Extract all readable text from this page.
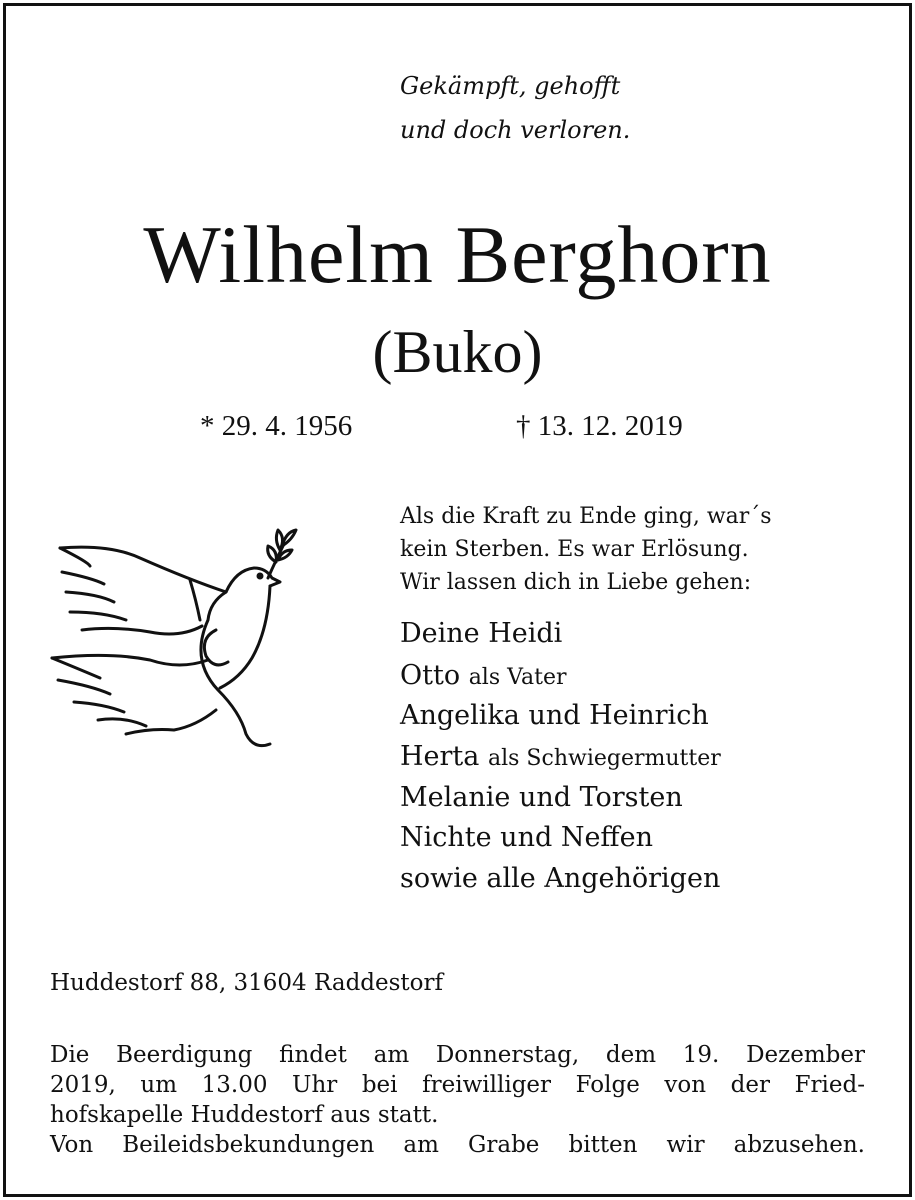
Gekämpft, gehofft
und doch verloren.
Wilhelm Berghorn
(Buko)
* 29. 4. 1956	† 13. 12. 2019
Als die Kraft zu Ende ging, war´s
kein Sterben. Es war Erlösung.
Wir lassen dich in Liebe gehen:
Deine Heidi
Otto als Vater
Angelika und Heinrich
Herta als Schwiegermutter
Melanie und Torsten
Nichte und Neffen
sowie alle Angehörigen
Huddestorf 88, 31604 Raddestorf
Die Beerdigung findet am Donnerstag, dem 19. Dezember
2019, um 13.00 Uhr bei freiwilliger Folge von der Fried-
hofskapelle Huddestorf aus statt.
Von Beileidsbekundungen am Grabe bitten wir abzusehen.
